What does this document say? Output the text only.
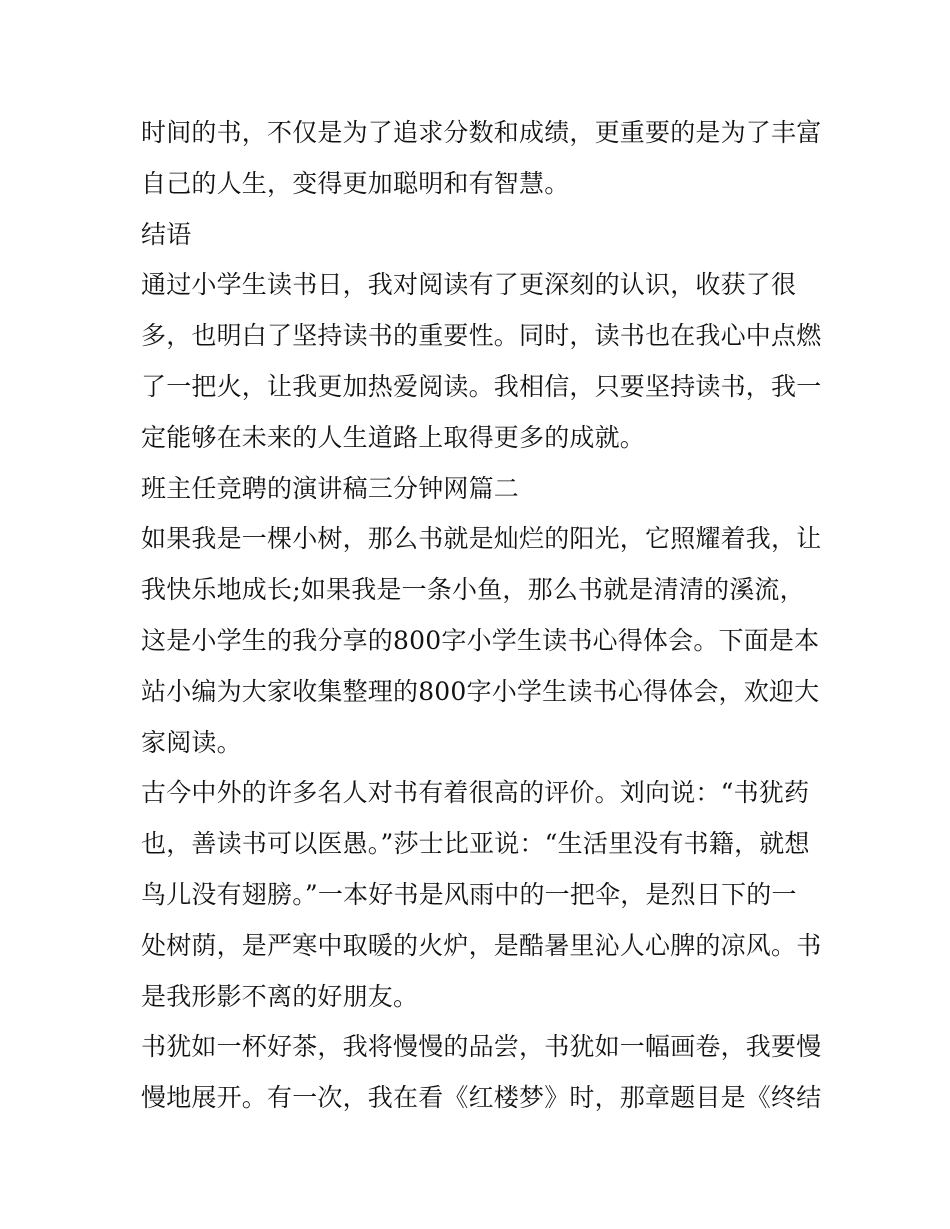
时间的书，不仅是为了追求分数和成绩，更重要的是为了丰富
自己的人生，变得更加聪明和有智慧。
结语
通过小学生读书日，我对阅读有了更深刻的认识，收获了很
多，也明白了坚持读书的重要性。同时，读书也在我心中点燃
了一把火，让我更加热爱阅读。我相信，只要坚持读书，我一
定能够在未来的人生道路上取得更多的成就。
班主任竞聘的演讲稿三分钟网篇二
如果我是一棵小树，那么书就是灿烂的阳光，它照耀着我，让
我快乐地成长;如果我是一条小鱼，那么书就是清清的溪流，
这是小学生的我分享的800字小学生读书心得体会。下面是本
站小编为大家收集整理的800字小学生读书心得体会，欢迎大
家阅读。
古今中外的许多名人对书有着很高的评价。刘向说：“书犹药
也，善读书可以医愚。”莎士比亚说：“生活里没有书籍，就想
鸟儿没有翅膀。”一本好书是风雨中的一把伞，是烈日下的一
处树荫，是严寒中取暖的火炉，是酷暑里沁人心脾的凉风。书
是我形影不离的好朋友。
书犹如一杯好茶，我将慢慢的品尝，书犹如一幅画卷，我要慢
慢地展开。有一次，我在看《红楼梦》时，那章题目是《终结
